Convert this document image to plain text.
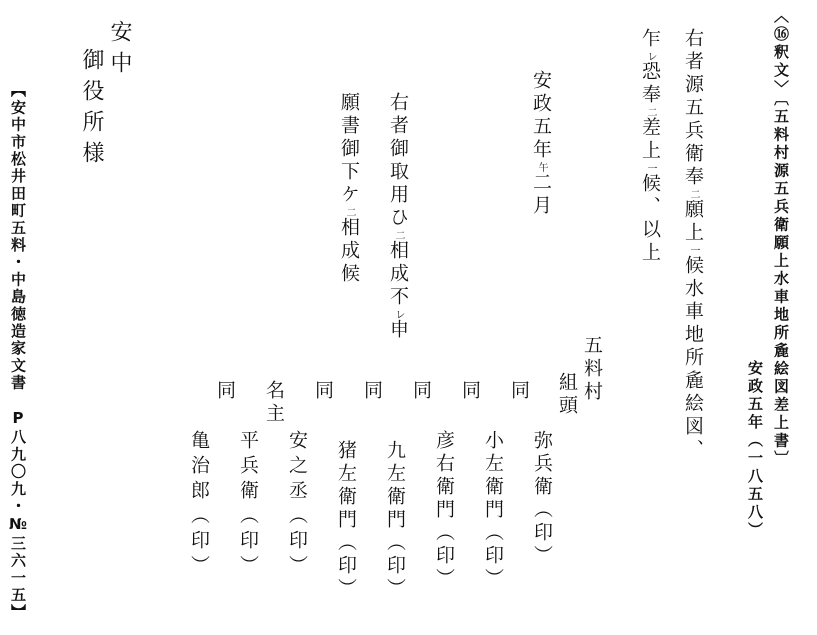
〈⑯釈文〉〔五料村源五兵衛願上水車地所麁絵図差上書〕
安政五年（一八五八）
右者源五兵衛奉二願上一候水車地所麁絵図、
乍レ恐奉二差上一候、以上
安政五年午二月
右者御取用ひ二相成不レ申
願書御下ケ二相成候
五料村
組頭
同
同
同
同
同
名主
同
弥兵衛（印）
小左衛門（印）
彦右衛門（印）
九左衛門（印）
猪左衛門（印）
安之丞（印）
平兵衛（印）
亀治郎（印）
安中
御役所様
【安中市松井田町五料・中島徳造家文書　P八九〇九・№三六一五】
